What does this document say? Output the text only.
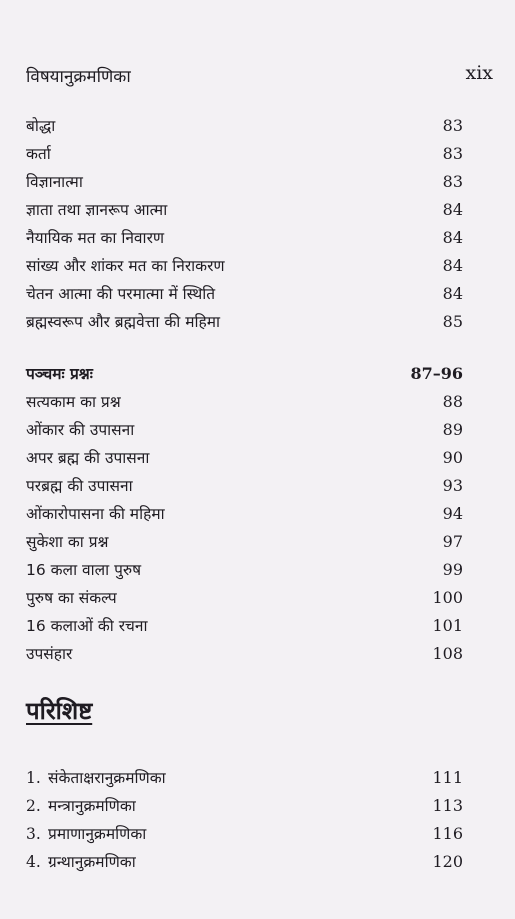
विषयानुक्रमणिका	xix
बोद्धा	83
कर्ता	83
विज्ञानात्मा	83
ज्ञाता तथा ज्ञानरूप आत्मा	84
नैयायिक मत का निवारण	84
सांख्य और शांकर मत का निराकरण	84
चेतन आत्मा की परमात्मा में स्थिति	84
ब्रह्मस्वरूप और ब्रह्मवेत्ता की महिमा	85
पञ्चमः प्रश्नः	87–96
सत्यकाम का प्रश्न	88
ओंकार की उपासना	89
अपर ब्रह्म की उपासना	90
परब्रह्म की उपासना	93
ओंकारोपासना की महिमा	94
सुकेशा का प्रश्न	97
16 कला वाला पुरुष	99
पुरुष का संकल्प	100
16 कलाओं की रचना	101
उपसंहार	108
परिशिष्ट
1. संकेताक्षरानुक्रमणिका	111
2. मन्त्रानुक्रमणिका	113
3. प्रमाणानुक्रमणिका	116
4. ग्रन्थानुक्रमणिका	120
